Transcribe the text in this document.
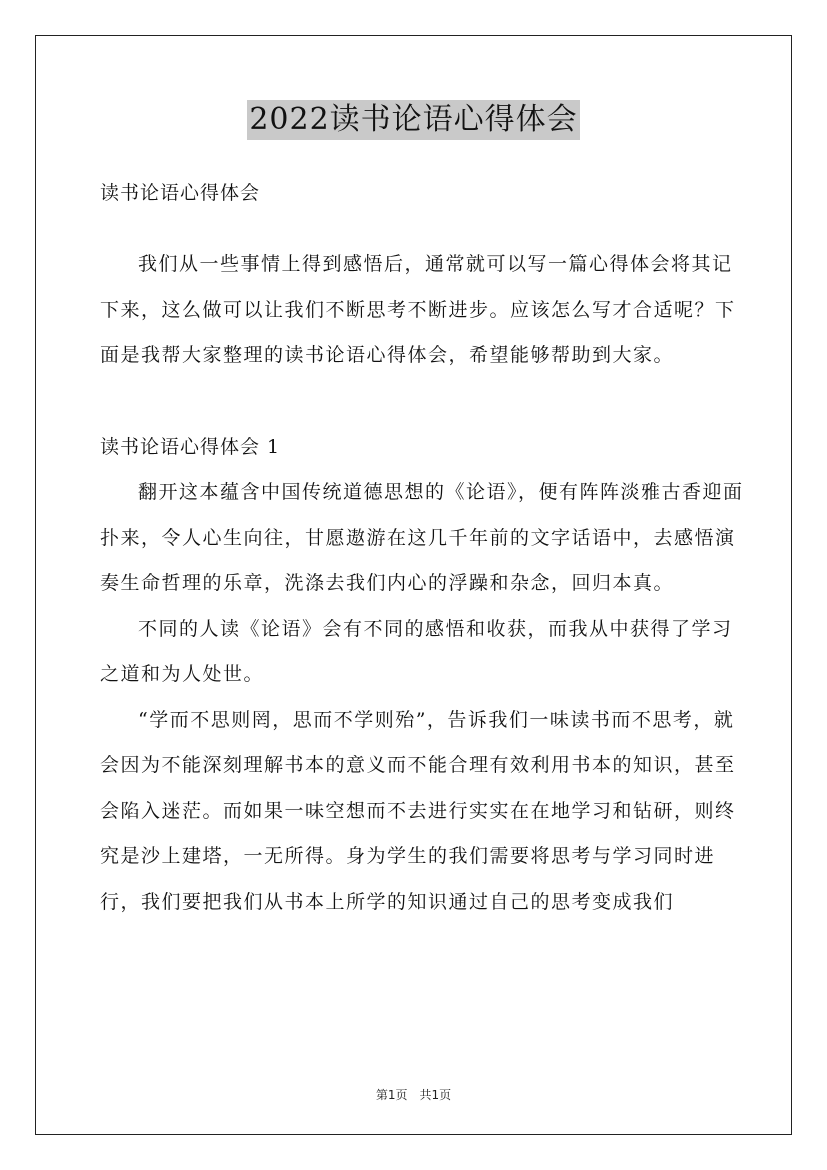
2022读书论语心得体会

读书论语心得体会

我们从一些事情上得到感悟后，通常就可以写一篇心得体会将其记下来，这么做可以让我们不断思考不断进步。应该怎么写才合适呢？下面是我帮大家整理的读书论语心得体会，希望能够帮助到大家。

读书论语心得体会 1

翻开这本蕴含中国传统道德思想的《论语》，便有阵阵淡雅古香迎面扑来，令人心生向往，甘愿遨游在这几千年前的文字话语中，去感悟演奏生命哲理的乐章，洗涤去我们内心的浮躁和杂念，回归本真。

不同的人读《论语》会有不同的感悟和收获，而我从中获得了学习之道和为人处世。

“学而不思则罔，思而不学则殆”，告诉我们一味读书而不思考，就会因为不能深刻理解书本的意义而不能合理有效利用书本的知识，甚至会陷入迷茫。而如果一味空想而不去进行实实在在地学习和钻研，则终究是沙上建塔，一无所得。身为学生的我们需要将思考与学习同时进行，我们要把我们从书本上所学的知识通过自己的思考变成我们

第1页　共1页
